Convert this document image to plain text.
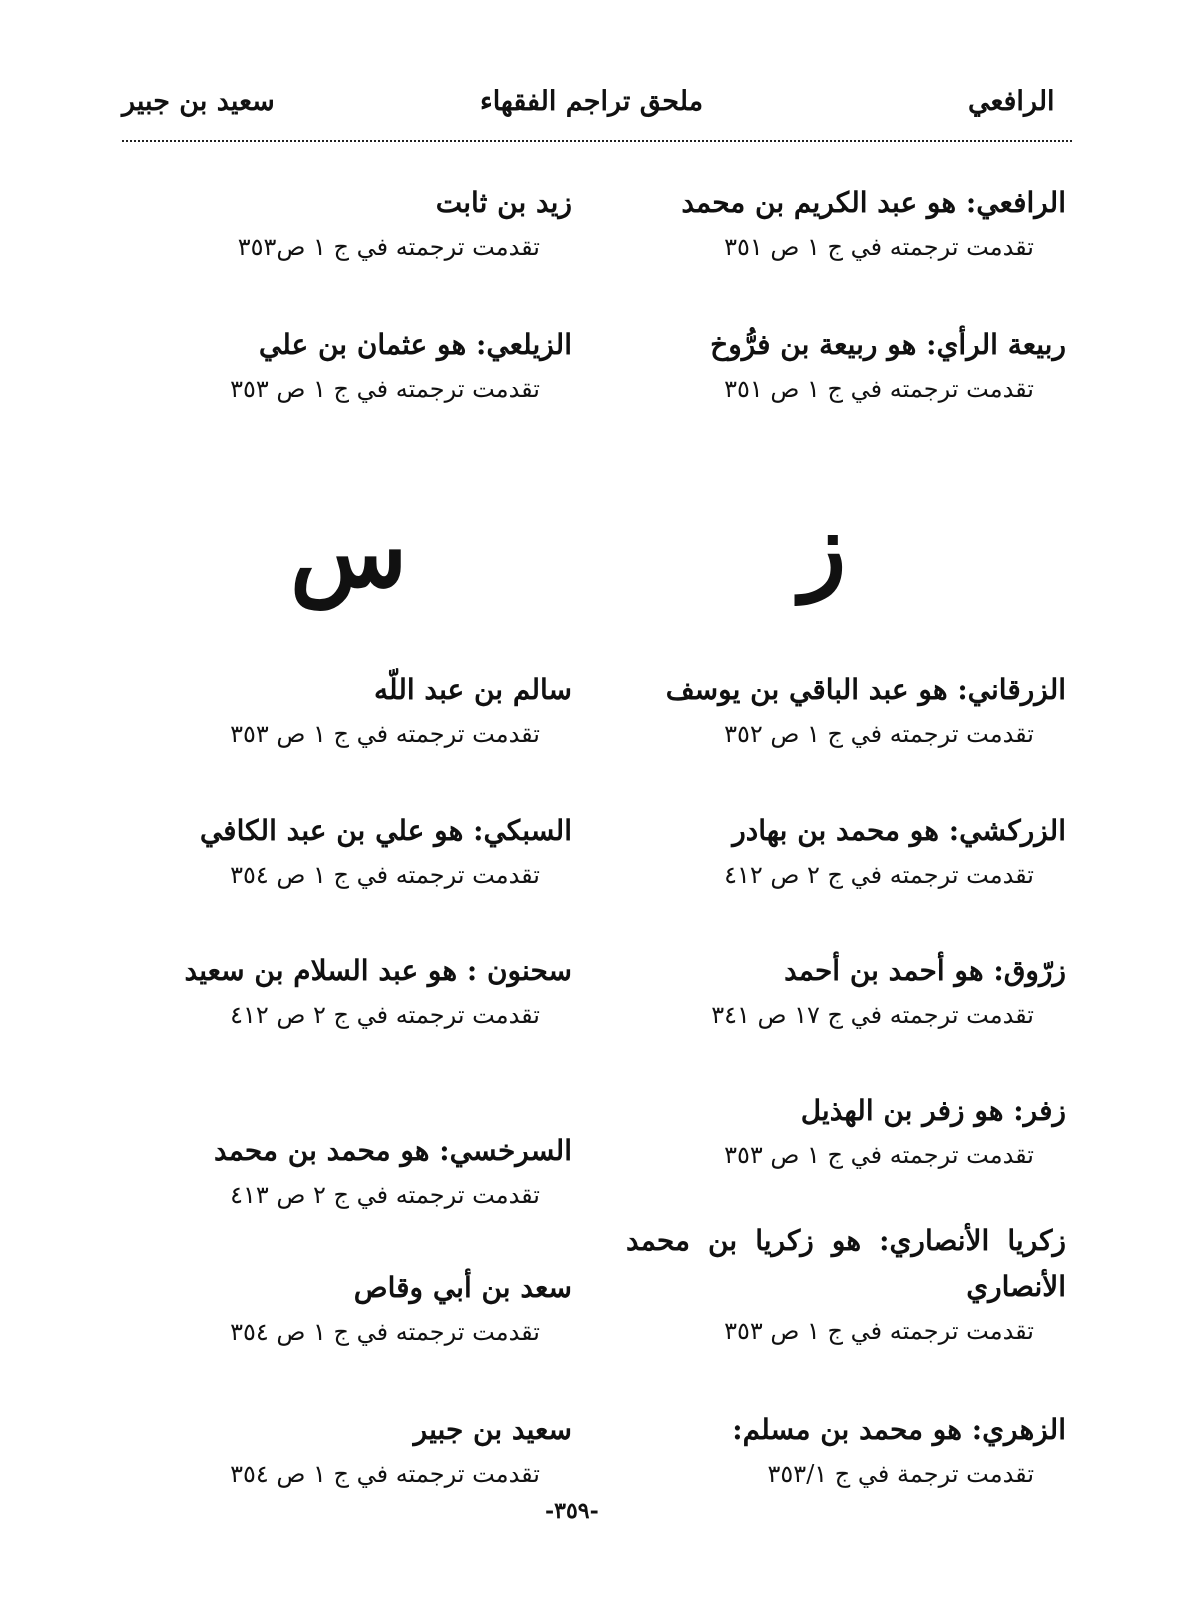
الرافعي
ملحق تراجم الفقهاء
سعيد بن جبير
الرافعي: هو عبد الكريم بن محمد
تقدمت ترجمته في ج ١ ص ٣٥١
ربيعة الرأي: هو ربيعة بن فرُّوخ
تقدمت ترجمته في ج ١ ص ٣٥١
ز
س
الزرقاني: هو عبد الباقي بن يوسف
تقدمت ترجمته في ج ١ ص ٣٥٢
الزركشي: هو محمد بن بهادر
تقدمت ترجمته في ج ٢ ص ٤١٢
زرّوق: هو أحمد بن أحمد
تقدمت ترجمته في ج ١٧ ص ٣٤١
زفر: هو زفر بن الهذيل
تقدمت ترجمته في ج ١ ص ٣٥٣
زكريا الأنصاري: هو زكريا بن محمد الأنصاري
تقدمت ترجمته في ج ١ ص ٣٥٣
الزهري: هو محمد بن مسلم:
تقدمت ترجمة في ج ٣٥٣/١
زيد بن ثابت
تقدمت ترجمته في ج ١ ص٣٥٣
الزيلعي: هو عثمان بن علي
تقدمت ترجمته في ج ١ ص ٣٥٣
سالم بن عبد اللّه
تقدمت ترجمته في ج ١ ص ٣٥٣
السبكي: هو علي بن عبد الكافي
تقدمت ترجمته في ج ١ ص ٣٥٤
سحنون : هو عبد السلام بن سعيد
تقدمت ترجمته في ج ٢ ص ٤١٢
السرخسي: هو محمد بن محمد
تقدمت ترجمته في ج ٢ ص ٤١٣
سعد بن أبي وقاص
تقدمت ترجمته في ج ١ ص ٣٥٤
سعيد بن جبير
تقدمت ترجمته في ج ١ ص ٣٥٤
-٣٥٩-
